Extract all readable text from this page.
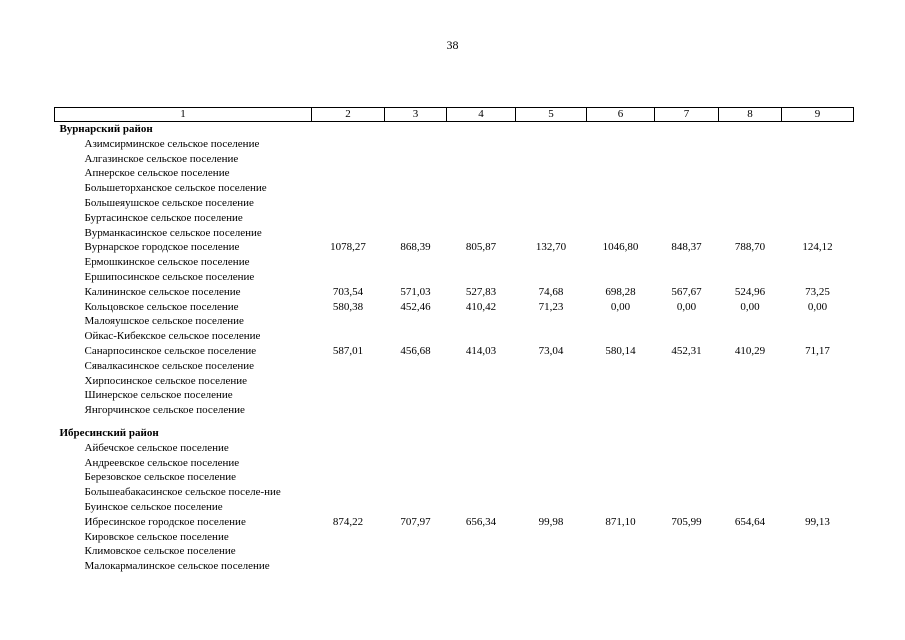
38
1	2	3	4	5	6	7	8	9
Вурнарский район								
Азимсирминское сельское поселение								
Алгазинское сельское поселение								
Апнерское сельское поселение								
Большеторханское сельское поселение								
Большеяушское сельское поселение								
Буртасинское сельское поселение								
Вурманкасинское сельское поселение								
Вурнарское городское поселение	1078,27	868,39	805,87	132,70	1046,80	848,37	788,70	124,12
Ермошкинское сельское поселение								
Ершипосинское сельское поселение								
Калининское сельское поселение	703,54	571,03	527,83	74,68	698,28	567,67	524,96	73,25
Кольцовское сельское поселение	580,38	452,46	410,42	71,23	0,00	0,00	0,00	0,00
Малояушское сельское поселение								
Ойкас-Кибекское сельское поселение								
Санарпосинское сельское поселение	587,01	456,68	414,03	73,04	580,14	452,31	410,29	71,17
Сявалкасинское сельское поселение								
Хирпосинское сельское поселение								
Шинерское сельское поселение								
Янгорчинское сельское поселение								

Ибресинский район								
Айбечское сельское поселение								
Андреевское сельское поселение								
Березовское сельское поселение								
Большеабакасинское сельское поселе-ние								
Буинское сельское поселение								
Ибресинское городское поселение	874,22	707,97	656,34	99,98	871,10	705,99	654,64	99,13
Кировское сельское поселение								
Климовское сельское поселение								
Малокармалинское сельское поселение								
